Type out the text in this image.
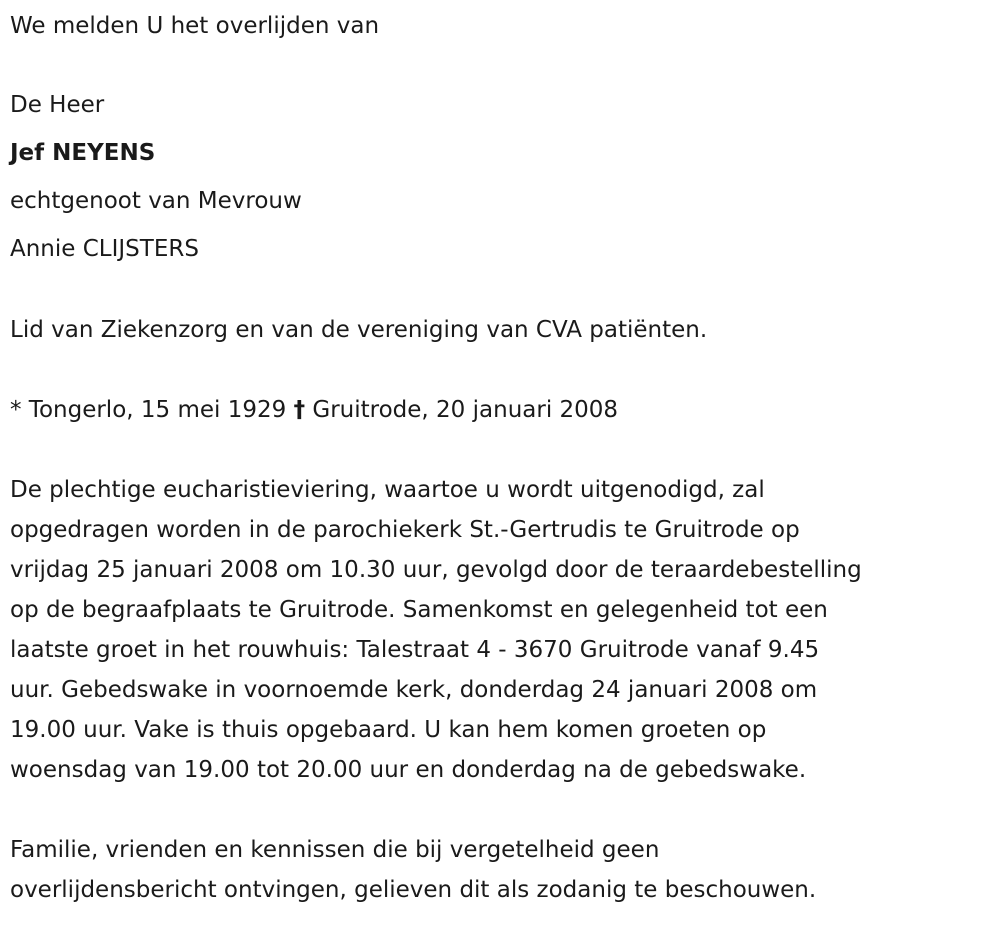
We melden U het overlijden van
De Heer
Jef NEYENS
echtgenoot van Mevrouw
Annie CLIJSTERS
Lid van Ziekenzorg en van de vereniging van CVA patiënten.
* Tongerlo, 15 mei 1929 † Gruitrode, 20 januari 2008
De plechtige eucharistieviering, waartoe u wordt uitgenodigd, zal
opgedragen worden in de parochiekerk St.-Gertrudis te Gruitrode op
vrijdag 25 januari 2008 om 10.30 uur, gevolgd door de teraardebestelling
op de begraafplaats te Gruitrode. Samenkomst en gelegenheid tot een
laatste groet in het rouwhuis: Talestraat 4 - 3670 Gruitrode vanaf 9.45
uur. Gebedswake in voornoemde kerk, donderdag 24 januari 2008 om
19.00 uur. Vake is thuis opgebaard. U kan hem komen groeten op
woensdag van 19.00 tot 20.00 uur en donderdag na de gebedswake.
Familie, vrienden en kennissen die bij vergetelheid geen
overlijdensbericht ontvingen, gelieven dit als zodanig te beschouwen.
